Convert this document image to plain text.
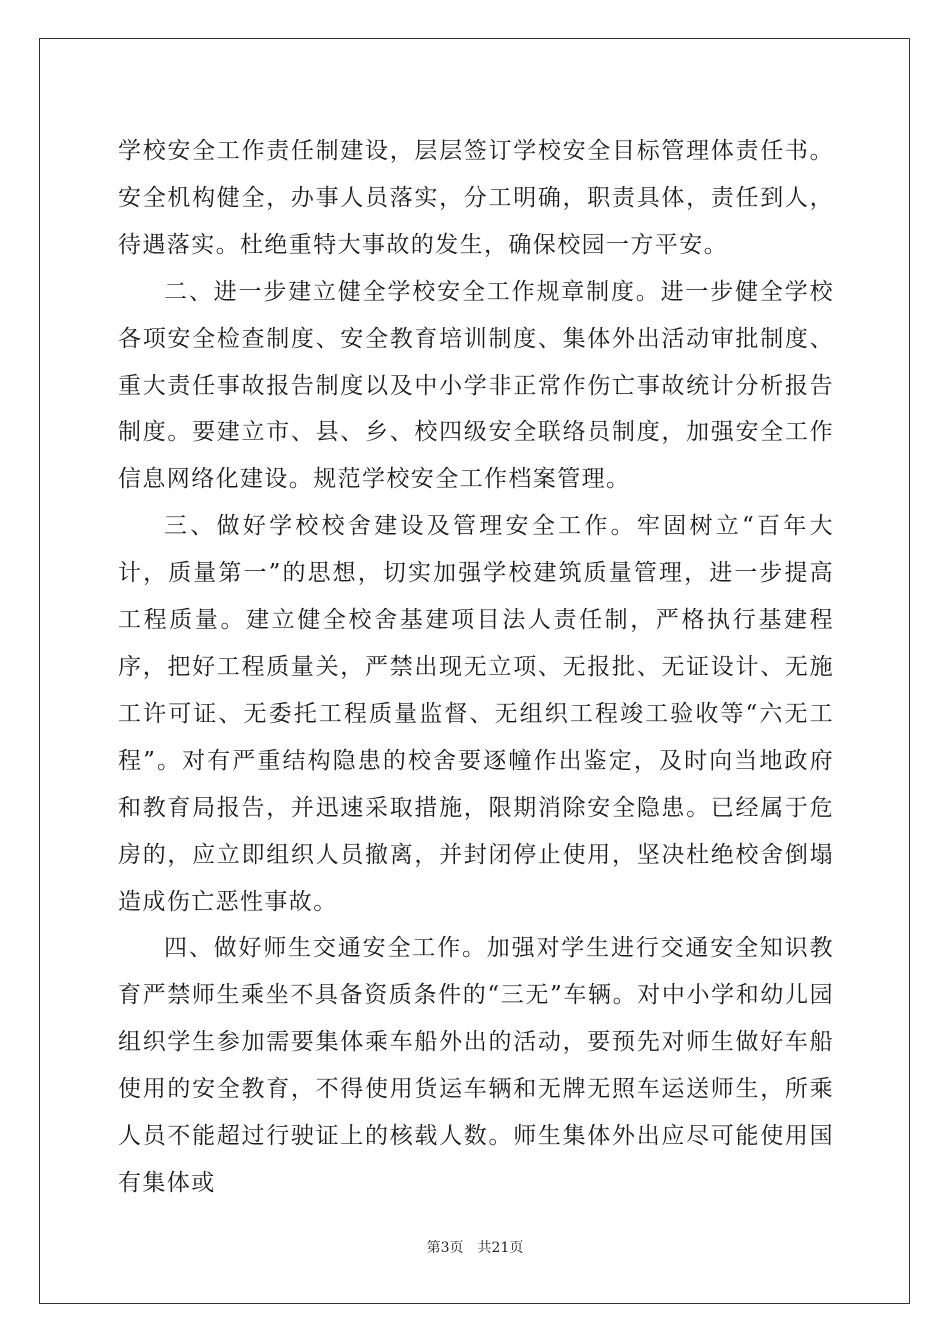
学校安全工作责任制建设，层层签订学校安全目标管理体责任书。安全机构健全，办事人员落实，分工明确，职责具体，责任到人，待遇落实。杜绝重特大事故的发生，确保校园一方平安。

二、进一步建立健全学校安全工作规章制度。进一步健全学校各项安全检查制度、安全教育培训制度、集体外出活动审批制度、重大责任事故报告制度以及中小学非正常作伤亡事故统计分析报告制度。要建立市、县、乡、校四级安全联络员制度，加强安全工作信息网络化建设。规范学校安全工作档案管理。

三、做好学校校舍建设及管理安全工作。牢固树立“百年大计，质量第一”的思想，切实加强学校建筑质量管理，进一步提高工程质量。建立健全校舍基建项目法人责任制，严格执行基建程序，把好工程质量关，严禁出现无立项、无报批、无证设计、无施工许可证、无委托工程质量监督、无组织工程竣工验收等“六无工程”。对有严重结构隐患的校舍要逐幢作出鉴定，及时向当地政府和教育局报告，并迅速采取措施，限期消除安全隐患。已经属于危房的，应立即组织人员撤离，并封闭停止使用，坚决杜绝校舍倒塌造成伤亡恶性事故。

四、做好师生交通安全工作。加强对学生进行交通安全知识教育严禁师生乘坐不具备资质条件的“三无”车辆。对中小学和幼儿园组织学生参加需要集体乘车船外出的活动，要预先对师生做好车船使用的安全教育，不得使用货运车辆和无牌无照车运送师生，所乘人员不能超过行驶证上的核载人数。师生集体外出应尽可能使用国有集体或

第3页 共21页
